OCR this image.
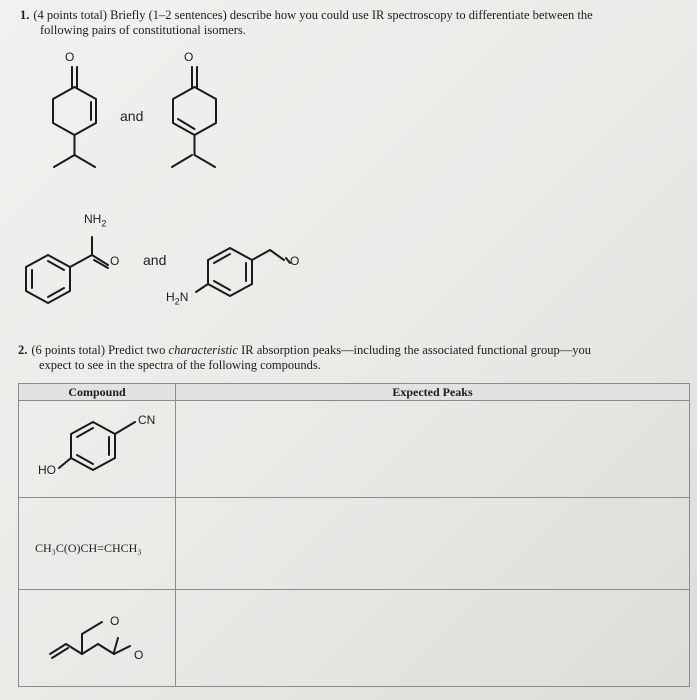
1. (4 points total) Briefly (1–2 sentences) describe how you could use IR spectroscopy to differentiate between the
following pairs of constitutional isomers.
O
and
O
$NH_2$
O and
$H_2N$
O
2. (6 points total) Predict two characteristic IR absorption peaks—including the associated functional group—you
expect to see in the spectra of the following compounds.
Compound	Expected Peaks

CN
HO
CH₃C(O)CH=CHCH₃
O
O
